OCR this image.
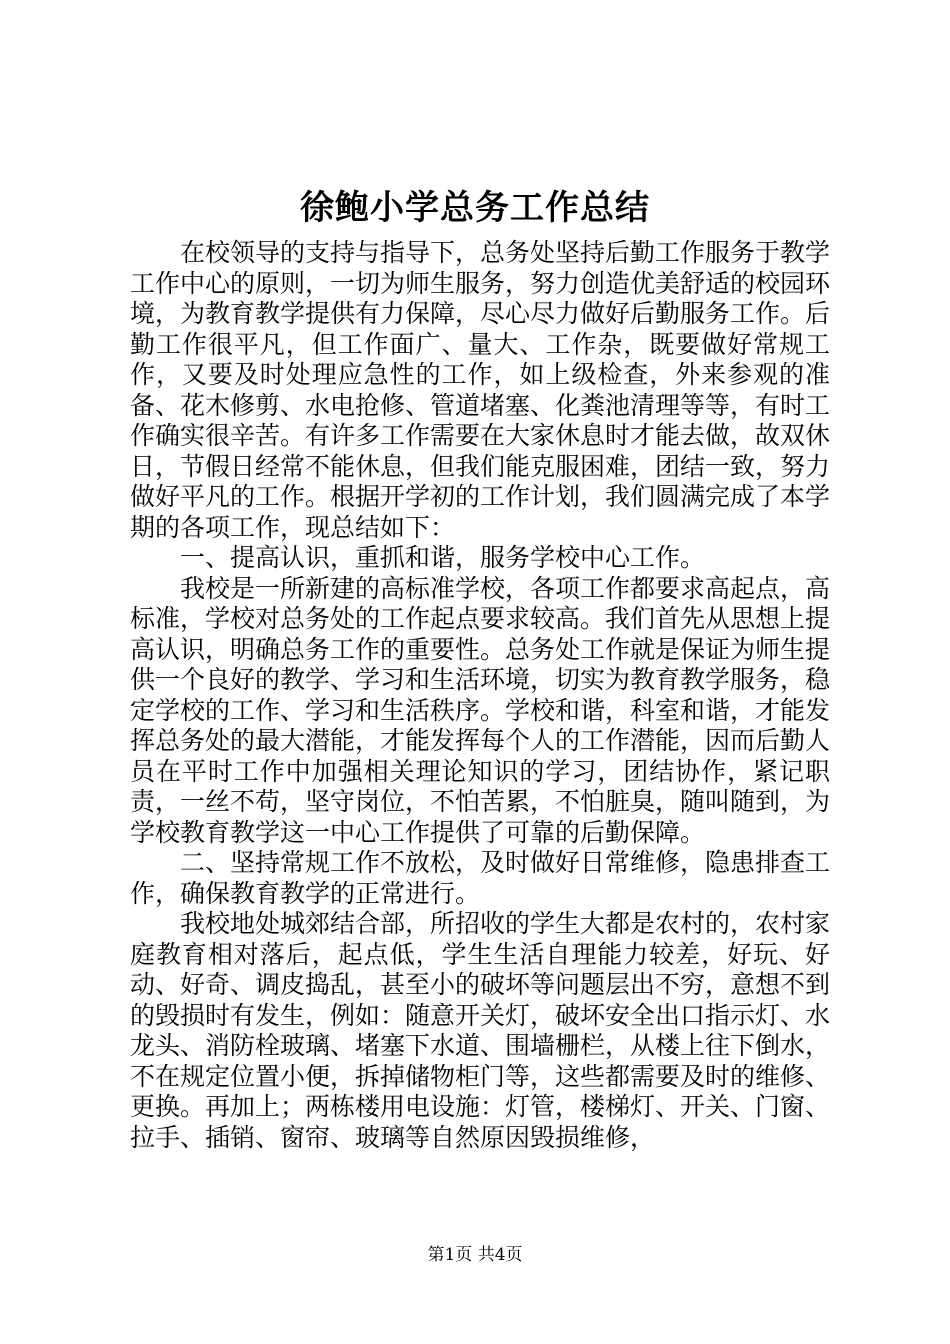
徐鲍小学总务工作总结

在校领导的支持与指导下，总务处坚持后勤工作服务于教学工作中心的原则，一切为师生服务，努力创造优美舒适的校园环境，为教育教学提供有力保障，尽心尽力做好后勤服务工作。后勤工作很平凡，但工作面广、量大、工作杂，既要做好常规工作，又要及时处理应急性的工作，如上级检查，外来参观的准备、花木修剪、水电抢修、管道堵塞、化粪池清理等等，有时工作确实很辛苦。有许多工作需要在大家休息时才能去做，故双休日，节假日经常不能休息，但我们能克服困难，团结一致，努力做好平凡的工作。根据开学初的工作计划，我们圆满完成了本学期的各项工作，现总结如下：

一、提高认识，重抓和谐，服务学校中心工作。

我校是一所新建的高标准学校，各项工作都要求高起点，高标准，学校对总务处的工作起点要求较高。我们首先从思想上提高认识，明确总务工作的重要性。总务处工作就是保证为师生提供一个良好的教学、学习和生活环境，切实为教育教学服务，稳定学校的工作、学习和生活秩序。学校和谐，科室和谐，才能发挥总务处的最大潜能，才能发挥每个人的工作潜能，因而后勤人员在平时工作中加强相关理论知识的学习，团结协作，紧记职责，一丝不苟，坚守岗位，不怕苦累，不怕脏臭，随叫随到，为学校教育教学这一中心工作提供了可靠的后勤保障。

二、坚持常规工作不放松，及时做好日常维修，隐患排查工作，确保教育教学的正常进行。

我校地处城郊结合部，所招收的学生大都是农村的，农村家庭教育相对落后，起点低，学生生活自理能力较差，好玩、好动、好奇、调皮捣乱，甚至小的破坏等问题层出不穷，意想不到的毁损时有发生，例如：随意开关灯，破坏安全出口指示灯、水龙头、消防栓玻璃、堵塞下水道、围墙栅栏，从楼上往下倒水，不在规定位置小便，拆掉储物柜门等，这些都需要及时的维修、更换。再加上；两栋楼用电设施：灯管，楼梯灯、开关、门窗、拉手、插销、窗帘、玻璃等自然原因毁损维修，

第1页 共4页
